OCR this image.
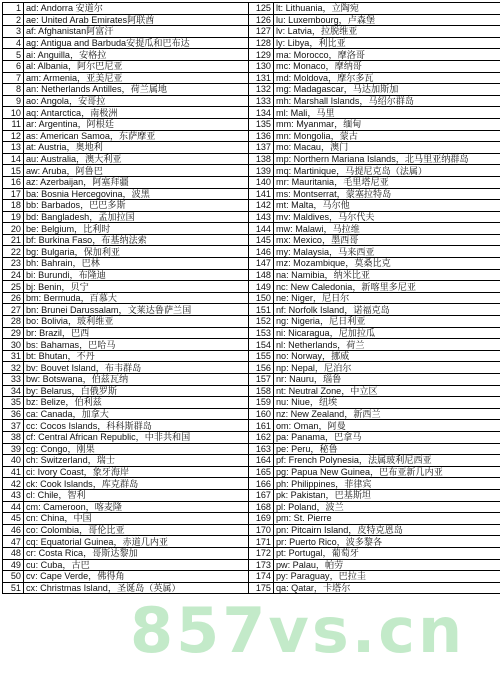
1	ad: Andorra 安道尔	125	lt: Lithuania，立陶宛
2	ae: United Arab Emirates阿联酋	126	lu: Luxembourg，卢森堡
3	af: Afghanistan阿富汗	127	lv: Latvia，拉脱维亚
4	ag: Antigua and Barbuda安提瓜和巴布达	128	ly: Libya，利比亚
5	ai: Anguilla，安格拉	129	ma: Morocco，摩洛哥
6	al: Albania，阿尔巴尼亚	130	mc: Monaco，摩纳哥
7	am: Armenia，亚美尼亚	131	md: Moldova，摩尔多瓦
8	an: Netherlands Antilles，荷兰属地	132	mg: Madagascar，马达加斯加
9	ao: Angola，安哥拉	133	mh: Marshall Islands，马绍尔群岛
10	aq: Antarctica，南极洲	134	ml: Mali，马里
11	ar: Argentina，阿根廷	135	mm: Myanmar，缅甸
12	as: American Samoa，东萨摩亚	136	mn: Mongolia，蒙古
13	at: Austria，奥地利	137	mo: Macau，澳门
14	au: Australia，澳大利亚	138	mp: Northern Mariana Islands，北马里亚纳群岛
15	aw: Aruba，阿鲁巴	139	mq: Martinique，马提尼克岛（法属）
16	az: Azerbaijan，阿塞拜疆	140	mr: Mauritania，毛里塔尼亚
17	ba: Bosnia Hercegovina，波黑	141	ms: Montserrat，蒙塞拉特岛
18	bb: Barbados，巴巴多斯	142	mt: Malta，马尔他
19	bd: Bangladesh，孟加拉国	143	mv: Maldives，马尔代夫
20	be: Belgium，比利时	144	mw: Malawi，马拉维
21	bf: Burkina Faso，布基纳法索	145	mx: Mexico，墨西哥
22	bg: Bulgaria，保加利亚	146	my: Malaysia，马来西亚
23	bh: Bahrain，巴林	147	mz: Mozambique，莫桑比克
24	bi: Burundi，布隆迪	148	na: Namibia，纳米比亚
25	bj: Benin，贝宁	149	nc: New Caledonia，新喀里多尼亚
26	bm: Bermuda，百慕大	150	ne: Niger，尼日尔
27	bn: Brunei Darussalam，文莱达鲁萨兰国	151	nf: Norfolk Island，诺福克岛
28	bo: Bolivia，玻利维亚	152	ng: Nigeria，尼日利亚
29	br: Brazil，巴西	153	ni: Nicaragua，尼加拉瓜
30	bs: Bahamas，巴哈马	154	nl: Netherlands，荷兰
31	bt: Bhutan，不丹	155	no: Norway，挪威
32	bv: Bouvet Island，布韦群岛	156	np: Nepal，尼泊尔
33	bw: Botswana，伯兹瓦纳	157	nr: Nauru，瑙鲁
34	by: Belarus，白俄罗斯	158	nt: Neutral Zone，中立区
35	bz: Belize，伯利兹	159	nu: Niue，纽埃
36	ca: Canada，加拿大	160	nz: New Zealand，新西兰
37	cc: Cocos Islands，科科斯群岛	161	om: Oman，阿曼
38	cf: Central African Republic，中非共和国	162	pa: Panama，巴拿马
39	cg: Congo，刚果	163	pe: Peru，秘鲁
40	ch: Switzerland，瑞士	164	pf: French Polynesia，法属玻利尼西亚
41	ci: Ivory Coast，象牙海岸	165	pg: Papua New Guinea，巴布亚新几内亚
42	ck: Cook Islands，库克群岛	166	ph: Philippines，菲律宾
43	cl: Chile，智利	167	pk: Pakistan，巴基斯坦
44	cm: Cameroon，喀麦隆	168	pl: Poland，波兰
45	cn: China，中国	169	pm: St. Pierre
46	co: Colombia，哥伦比亚	170	pn: Pitcairn Island，皮特克恩岛
47	cq: Equatorial Guinea，赤道几内亚	171	pr: Puerto Rico，波多黎各
48	cr: Costa Rica，哥斯达黎加	172	pt: Portugal，葡萄牙
49	cu: Cuba，古巴	173	pw: Palau，帕劳
50	cv: Cape Verde，佛得角	174	py: Paraguay，巴拉圭
51	cx: Christmas Island，圣诞岛（英属）	175	qa: Qatar，卡塔尔
857vs.cn
